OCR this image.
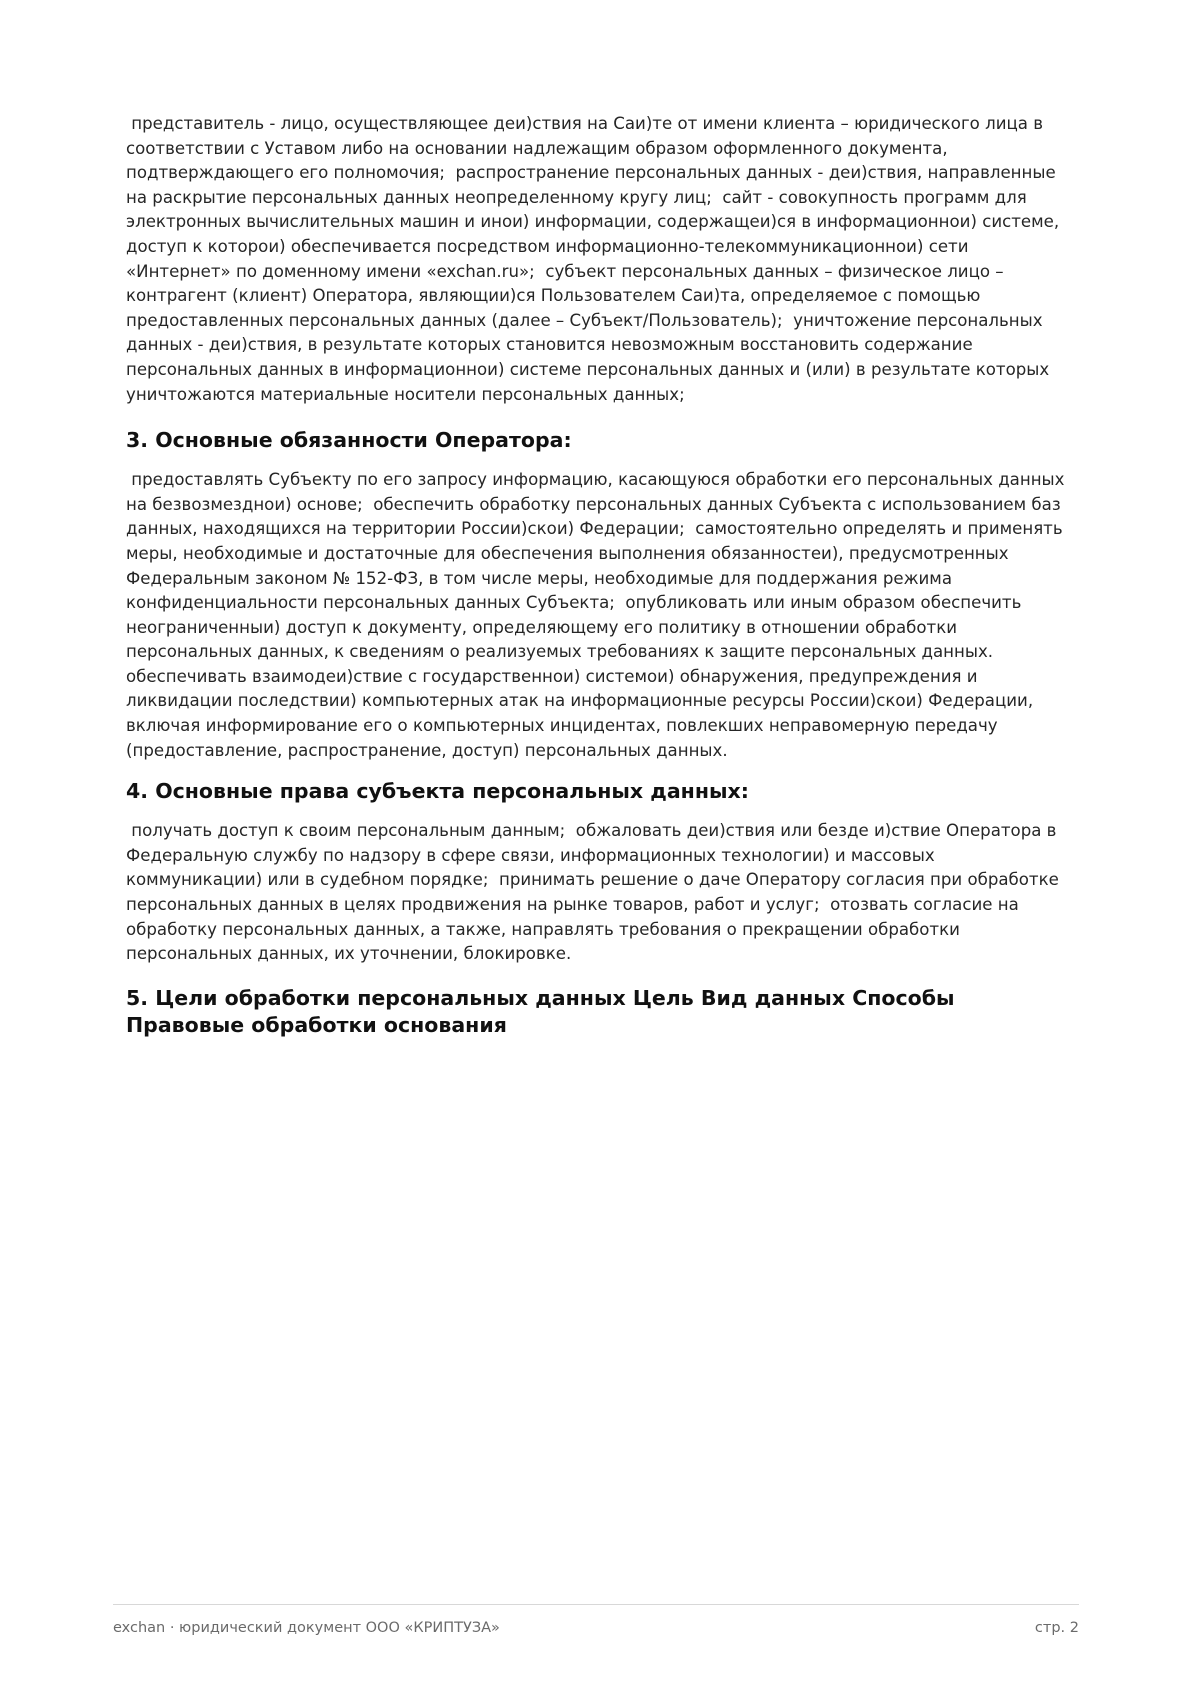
представитель - лицо, осуществляющее деи)ствия на Саи)те от имени клиента – юридического лица в соответствии с Уставом либо на основании надлежащим образом оформленного документа, подтверждающего его полномочия;  распространение персональных данных - деи)ствия, направленные на раскрытие персональных данных неопределенному кругу лиц;  сайт - совокупность программ для электронных вычислительных машин и инои) информации, содержащеи)ся в информационнои) системе, доступ к которои) обеспечивается посредством информационно-телекоммуникационнои) сети «Интернет» по доменному имени «exchan.ru»;  субъект персональных данных – физическое лицо – контрагент (клиент) Оператора, являющии)ся Пользователем Саи)та, определяемое с помощью предоставленных персональных данных (далее – Субъект/Пользователь);  уничтожение персональных данных - деи)ствия, в результате которых становится невозможным восстановить содержание персональных данных в информационнои) системе персональных данных и (или) в результате которых уничтожаются материальные носители персональных данных;

3. Основные обязанности Оператора:

предоставлять Субъекту по его запросу информацию, касающуюся обработки его персональных данных на безвозмезднои) основе;  обеспечить обработку персональных данных Субъекта с использованием баз данных, находящихся на территории России)скои) Федерации;  самостоятельно определять и применять меры, необходимые и достаточные для обеспечения выполнения обязанностеи), предусмотренных Федеральным законом № 152-ФЗ, в том числе меры, необходимые для поддержания режима конфиденциальности персональных данных Субъекта;  опубликовать или иным образом обеспечить неограниченныи) доступ к документу, определяющему его политику в отношении обработки персональных данных, к сведениям о реализуемых требованиях к защите персональных данных.  обеспечивать взаимодеи)ствие с государственнои) системои) обнаружения, предупреждения и ликвидации последствии) компьютерных атак на информационные ресурсы России)скои) Федерации, включая информирование его о компьютерных инцидентах, повлекших неправомерную передачу (предоставление, распространение, доступ) персональных данных.

4. Основные права субъекта персональных данных:

получать доступ к своим персональным данным;  обжаловать деи)ствия или безде и)ствие Оператора в Федеральную службу по надзору в сфере связи, информационных технологии) и массовых коммуникации) или в судебном порядке;  принимать решение о даче Оператору согласия при обработке персональных данных в целях продвижения на рынке товаров, работ и услуг;  отозвать согласие на обработку персональных данных, а также, направлять требования о прекращении обработки персональных данных, их уточнении, блокировке.

5. Цели обработки персональных данных Цель Вид данных Способы Правовые обработки основания
exchan · юридический документ ООО «КРИПТУЗА»	стр. 2
